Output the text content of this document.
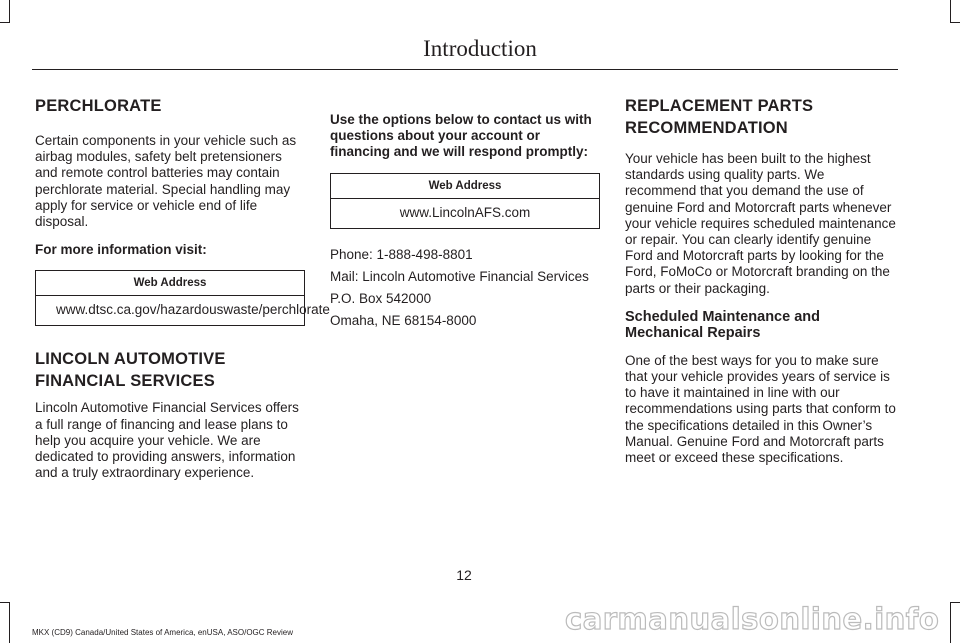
Introduction
PERCHLORATE

Certain components in your vehicle such as airbag modules, safety belt pretensioners and remote control batteries may contain perchlorate material. Special handling may apply for service or vehicle end of life disposal.

For more information visit:

Web Address
www.dtsc.ca.gov/hazardouswaste/perchlorate
LINCOLN AUTOMOTIVE
FINANCIAL SERVICES

Lincoln Automotive Financial Services offers a full range of financing and lease plans to help you acquire your vehicle. We are dedicated to providing answers, information and a truly extraordinary experience.

Use the options below to contact us with questions about your account or financing and we will respond promptly:

Web Address
www.LincolnAFS.com

Phone: 1-888-498-8801

Mail: Lincoln Automotive Financial Services

P.O. Box 542000

Omaha, NE 68154-8000

REPLACEMENT PARTS
RECOMMENDATION

Your vehicle has been built to the highest standards using quality parts. We recommend that you demand the use of genuine Ford and Motorcraft parts whenever your vehicle requires scheduled maintenance or repair. You can clearly identify genuine Ford and Motorcraft parts by looking for the Ford, FoMoCo or Motorcraft branding on the parts or their packaging.

Scheduled Maintenance and Mechanical Repairs

One of the best ways for you to make sure that your vehicle provides years of service is to have it maintained in line with our recommendations using parts that conform to the specifications detailed in this Owner’s Manual. Genuine Ford and Motorcraft parts meet or exceed these specifications.

12
MKX (CD9) Canada/United States of America, enUSA, ASO/OGC Review	carmanualsonline.info
